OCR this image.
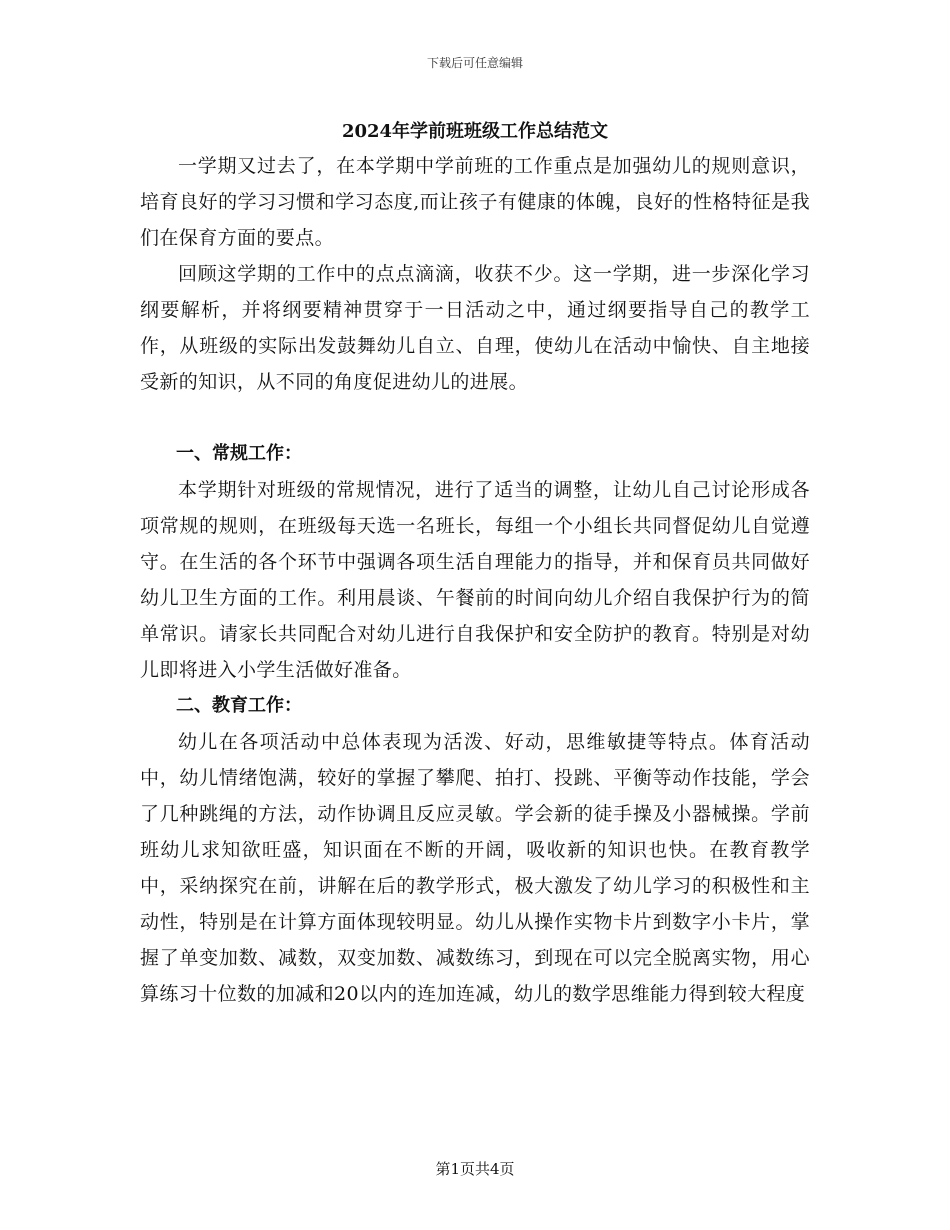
下载后可任意编辑
2024年学前班班级工作总结范文

一学期又过去了，在本学期中学前班的工作重点是加强幼儿的规则意识，培育良好的学习习惯和学习态度,而让孩子有健康的体魄，良好的性格特征是我们在保育方面的要点。

回顾这学期的工作中的点点滴滴，收获不少。这一学期，进一步深化学习纲要解析，并将纲要精神贯穿于一日活动之中，通过纲要指导自己的教学工作，从班级的实际出发鼓舞幼儿自立、自理，使幼儿在活动中愉快、自主地接受新的知识，从不同的角度促进幼儿的进展。

一、常规工作：

本学期针对班级的常规情况，进行了适当的调整，让幼儿自己讨论形成各项常规的规则，在班级每天选一名班长，每组一个小组长共同督促幼儿自觉遵守。在生活的各个环节中强调各项生活自理能力的指导，并和保育员共同做好幼儿卫生方面的工作。利用晨谈、午餐前的时间向幼儿介绍自我保护行为的简单常识。请家长共同配合对幼儿进行自我保护和安全防护的教育。特别是对幼儿即将进入小学生活做好准备。

二、教育工作：

幼儿在各项活动中总体表现为活泼、好动，思维敏捷等特点。体育活动中，幼儿情绪饱满，较好的掌握了攀爬、拍打、投跳、平衡等动作技能，学会了几种跳绳的方法，动作协调且反应灵敏。学会新的徒手操及小器械操。学前班幼儿求知欲旺盛，知识面在不断的开阔，吸收新的知识也快。在教育教学中，采纳探究在前，讲解在后的教学形式，极大激发了幼儿学习的积极性和主动性，特别是在计算方面体现较明显。幼儿从操作实物卡片到数字小卡片，掌握了单变加数、减数，双变加数、减数练习，到现在可以完全脱离实物，用心算练习十位数的加减和20以内的连加连减，幼儿的数学思维能力得到较大程度

第1页共4页
